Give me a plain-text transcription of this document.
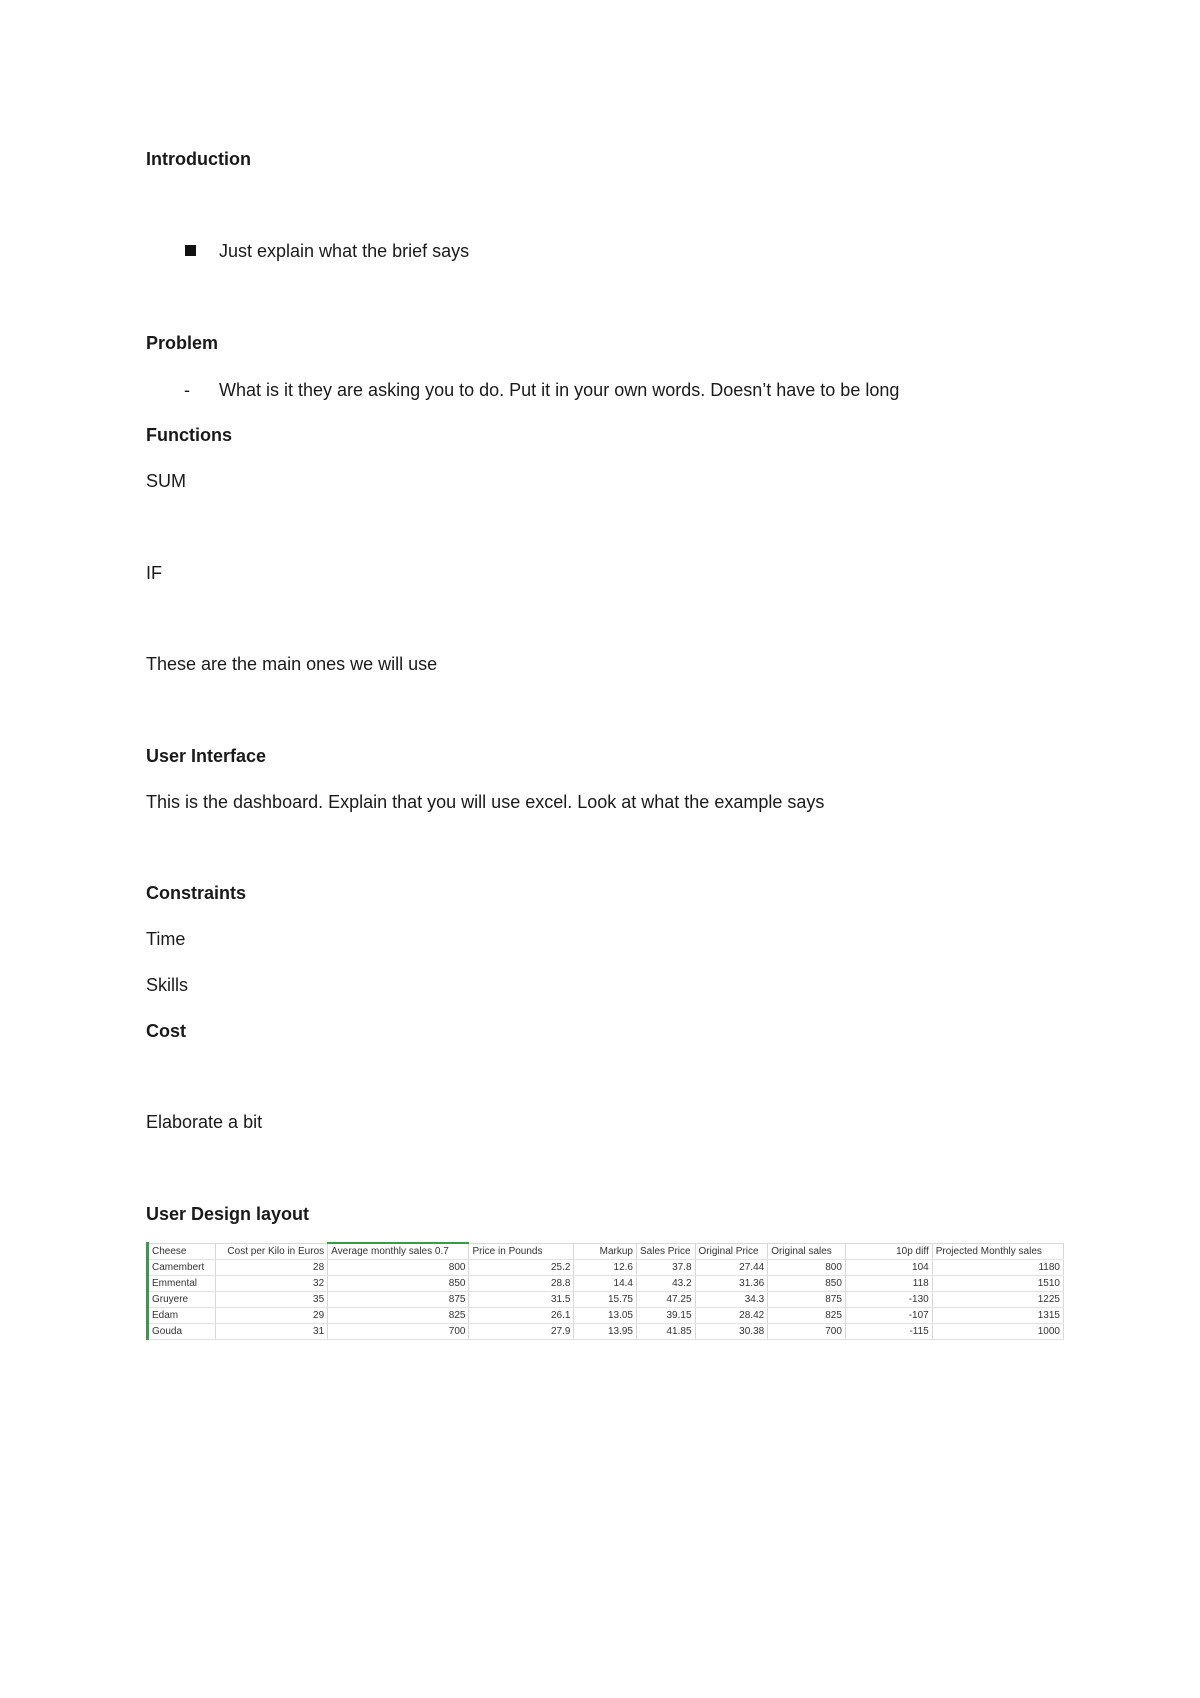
Introduction
Just explain what the brief says
Problem
- What is it they are asking you to do. Put it in your own words. Doesn’t have to be long
Functions
SUM
IF
These are the main ones we will use
User Interface
This is the dashboard. Explain that you will use excel. Look at what the example says
Constraints
Time
Skills
Cost
Elaborate a bit
User Design layout
Cheese	Cost per Kilo in Euros	Average monthly sales 0.7	Price in Pounds	Markup	Sales Price	Original Price	Original sales	10p diff	Projected Monthly sales
Camembert	28	800	25.2	12.6	37.8	27.44	800	104	1180
Emmental	32	850	28.8	14.4	43.2	31.36	850	118	1510
Gruyere	35	875	31.5	15.75	47.25	34.3	875	-130	1225
Edam	29	825	26.1	13.05	39.15	28.42	825	-107	1315
Gouda	31	700	27.9	13.95	41.85	30.38	700	-115	1000
